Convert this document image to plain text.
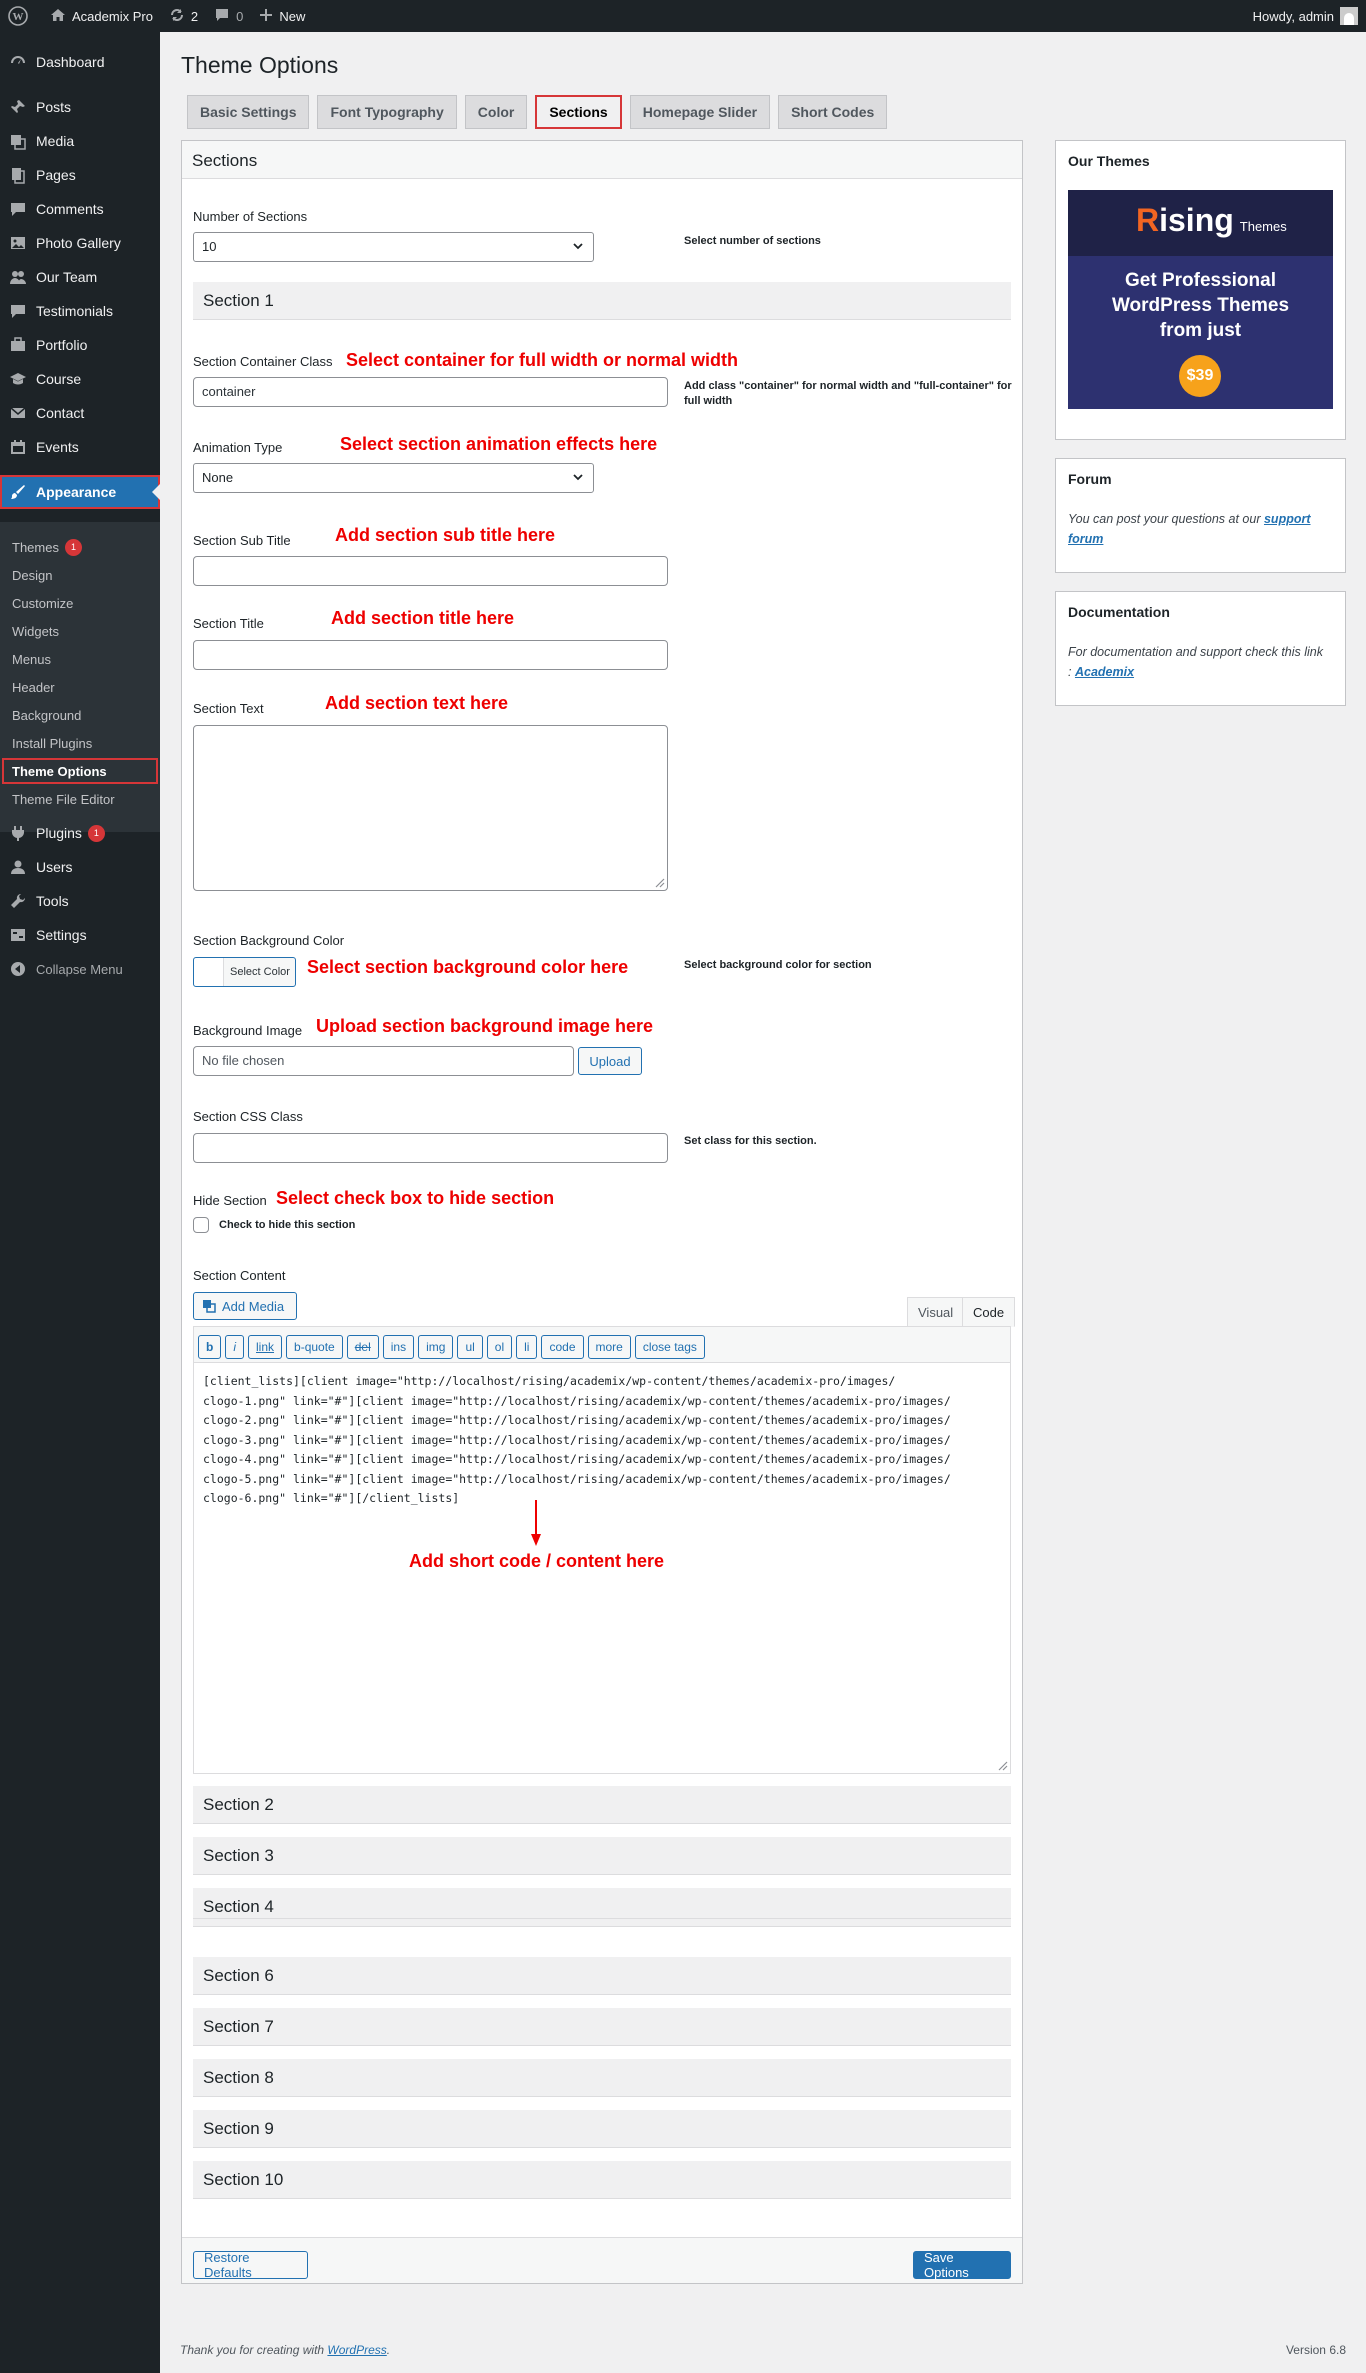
W	Academix Pro	2	0	New	Howdy, admin
Dashboard
Posts
Media
Pages
Comments
Photo Gallery
Our Team
Testimonials
Portfolio
Course
Contact
Events
Appearance
Themes	1
Design
Customize
Widgets
Menus
Header
Background
Install Plugins
Theme Options
Theme File Editor
Plugins	1
Users
Tools
Settings
Collapse Menu
Theme Options
Basic Settings	Font Typography	Color	Sections	Homepage Slider	Short Codes
Sections
Number of Sections
10	Select number of sections
Section 1
Section Container Class Select container for full width or normal width
container	Add class "container" for normal width and "full-container" for full width
Animation Type	Select section animation effects here
None
Section Sub Title Add section sub title here
Section Title	Add section title here
Section Text	Add section text here
Section Background Color
Select Color Select section background color here	Select background color for section
Background Image Upload section background image here
No file chosen	Upload
Section CSS Class
Set class for this section.
Hide Section Select check box to hide section
Check to hide this section
Section Content
Add Media	Visual	Code
b i link b-quote del ins img ul ol li code more close tags
[client_lists][client image="http://localhost/rising/academix/wp-content/themes/academix-pro/images/
clogo-1.png" link="#"][client image="http://localhost/rising/academix/wp-content/themes/academix-pro/images/
clogo-2.png" link="#"][client image="http://localhost/rising/academix/wp-content/themes/academix-pro/images/
clogo-3.png" link="#"][client image="http://localhost/rising/academix/wp-content/themes/academix-pro/images/
clogo-4.png" link="#"][client image="http://localhost/rising/academix/wp-content/themes/academix-pro/images/
clogo-5.png" link="#"][client image="http://localhost/rising/academix/wp-content/themes/academix-pro/images/
clogo-6.png" link="#"][/client_lists]
Add short code / content here
Section 2
Section 3
Section 4
Section 6
Section 7
Section 8
Section 9
Section 10
Restore Defaults
Save Options
Our Themes
Rising Themes
Get Professional
WordPress Themes
from just
$39
Forum
You can post your questions at our support
forum
Documentation
For documentation and support check this link
: Academix
Thank you for creating with WordPress.	Version 6.8
